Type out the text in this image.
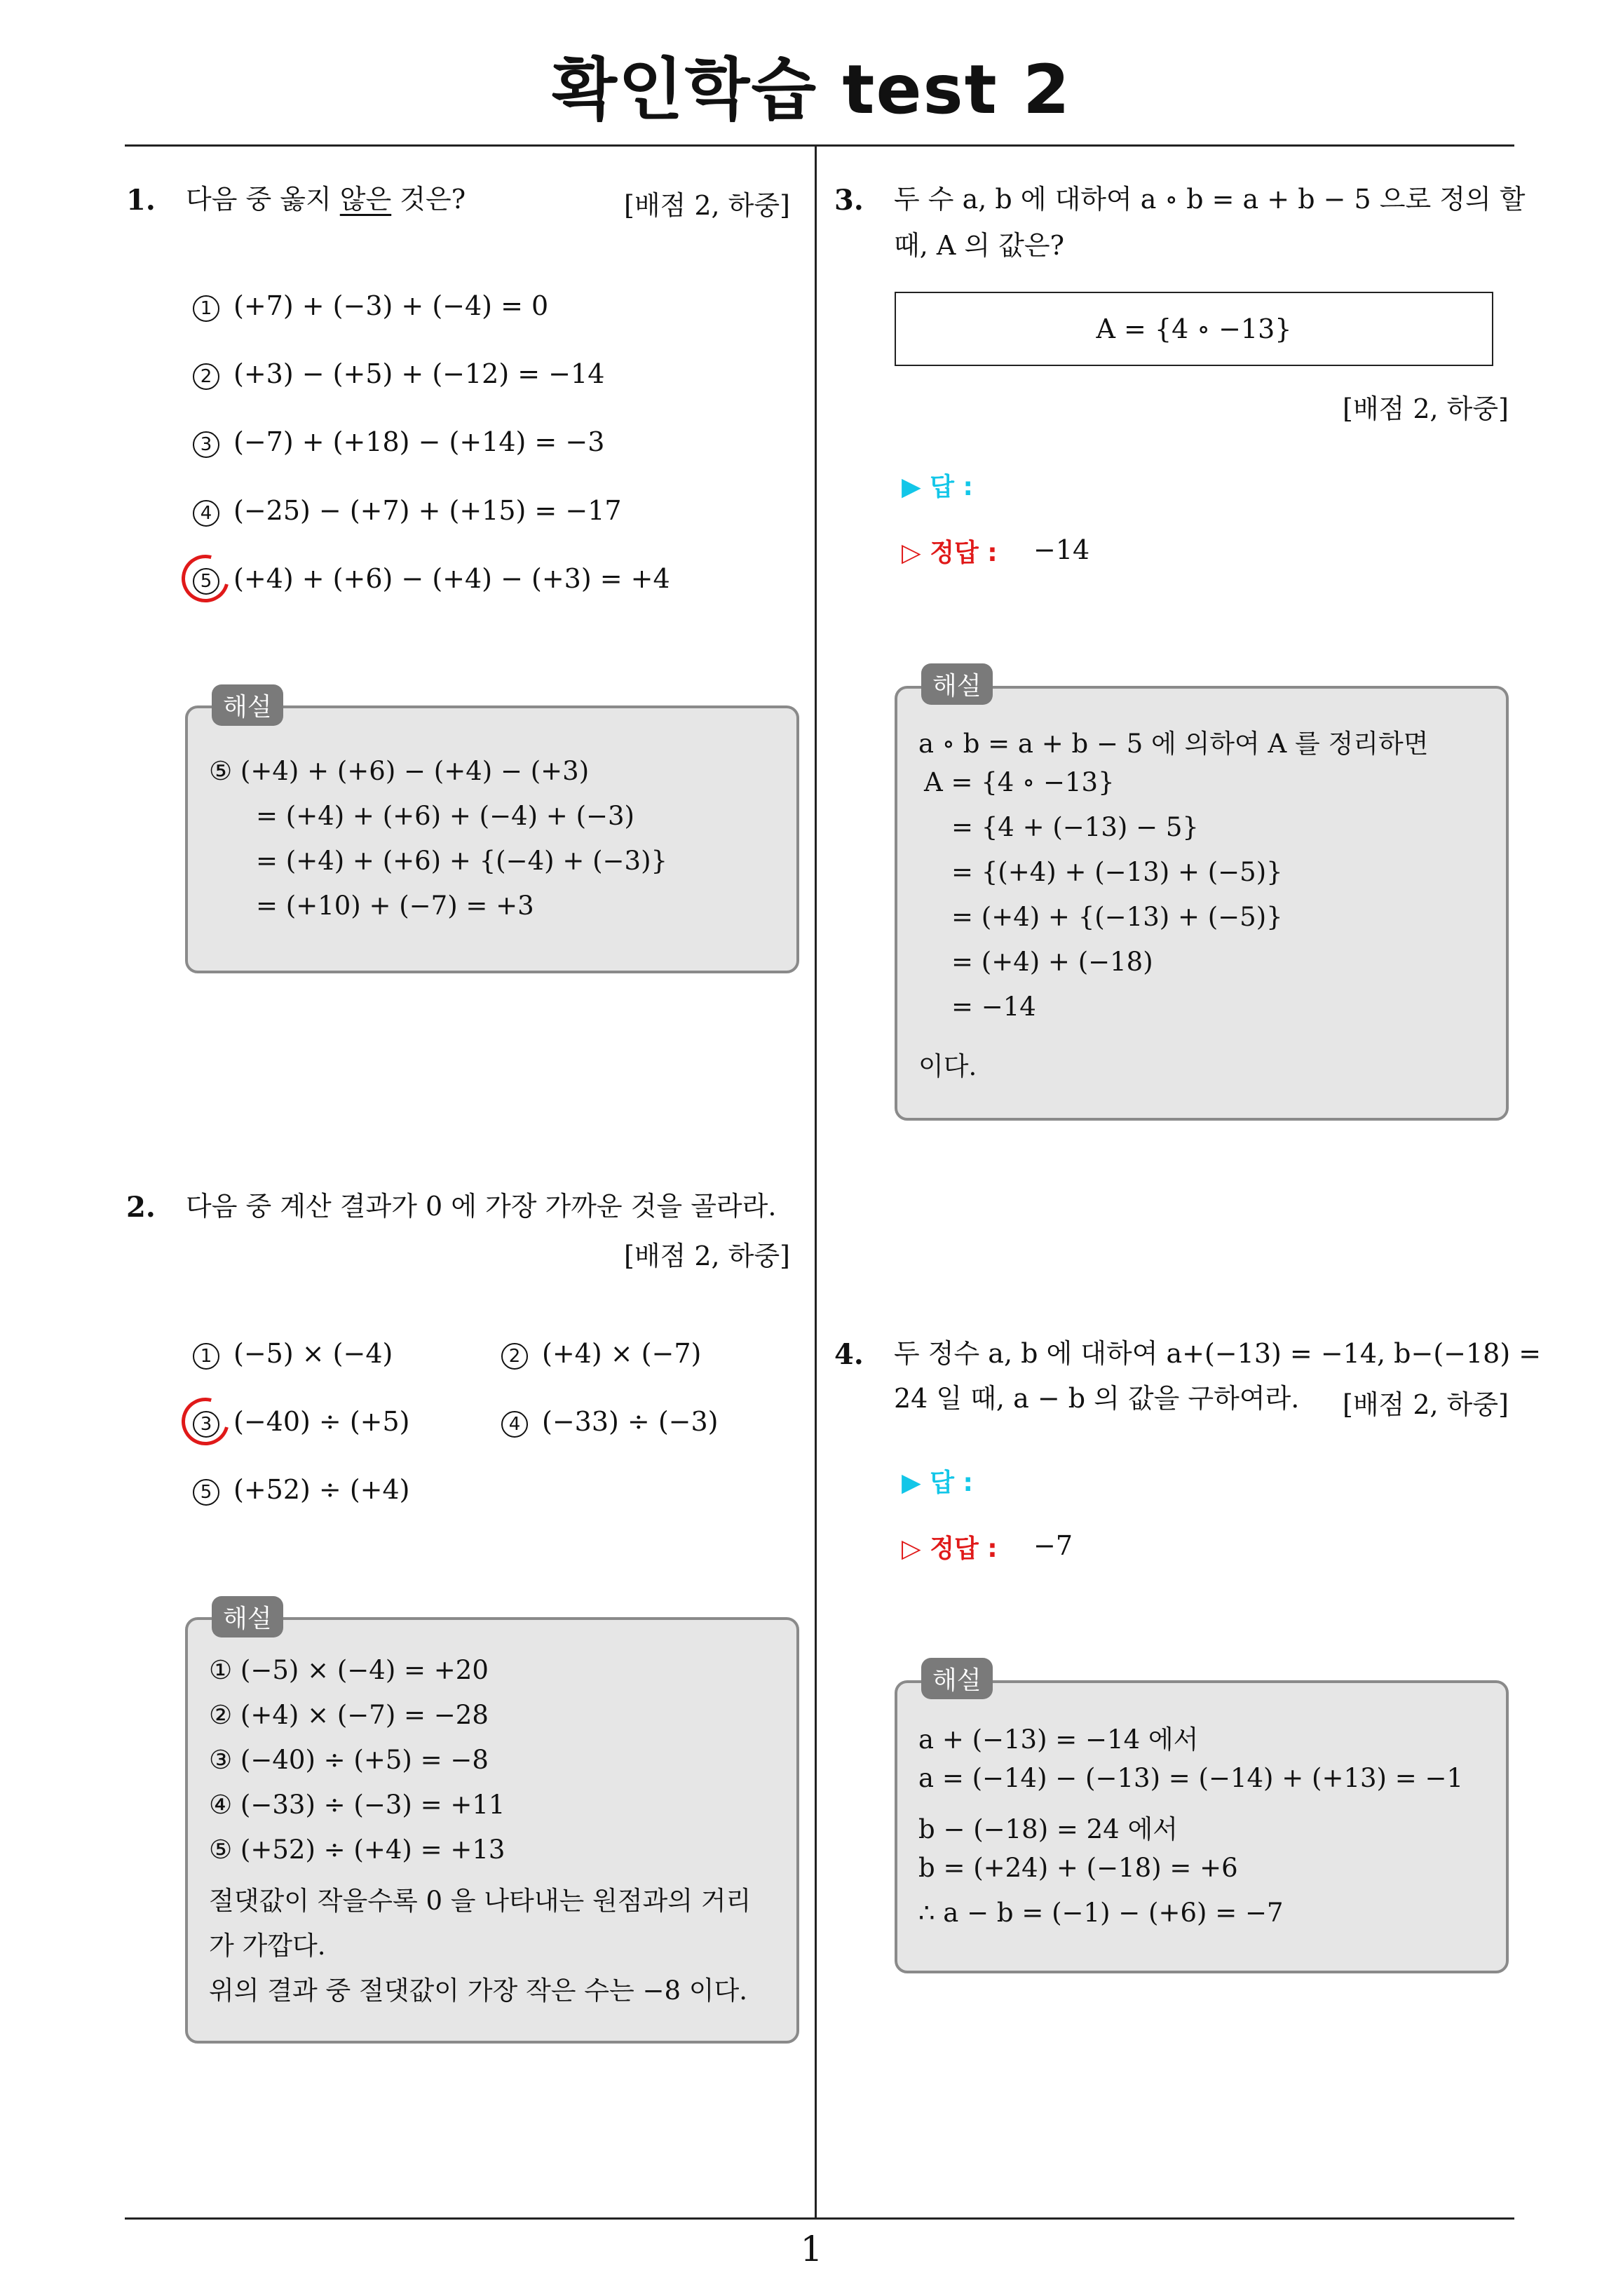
확인학습 test 2
1
1. 다음 중 옳지 않은 것은?	[배점 2, 하중]
1 (+7) + (−3) + (−4) = 0
2 (+3) − (+5) + (−12) = −14
3 (−7) + (+18) − (+14) = −3
4 (−25) − (+7) + (+15) = −17
5 (+4) + (+6) − (+4) − (+3) = +4
해설
⑤ (+4) + (+6) − (+4) − (+3)
= (+4) + (+6) + (−4) + (−3)
= (+4) + (+6) + {(−4) + (−3)}
= (+10) + (−7) = +3
2. 다음 중 계산 결과가 0 에 가장 가까운 것을 골라라.
[배점 2, 하중]
1 (−5) × (−4)	2 (+4) × (−7)
3 (−40) ÷ (+5)	4 (−33) ÷ (−3)
5 (+52) ÷ (+4)
해설
① (−5) × (−4) = +20
② (+4) × (−7) = −28
③ (−40) ÷ (+5) = −8
④ (−33) ÷ (−3) = +11
⑤ (+52) ÷ (+4) = +13
절댓값이 작을수록 0 을 나타내는 원점과의 거리
가 가깝다.
위의 결과 중 절댓값이 가장 작은 수는 −8 이다.
3. 두 수 a, b 에 대하여 a ∘ b = a + b − 5 으로 정의 할
때, A 의 값은?
A = {4 ∘ −13}
[배점 2, 하중]
▶ 답 :
▷ 정답 : −14
해설
a ∘ b = a + b − 5 에 의하여 A 를 정리하면
A = {4 ∘ −13}
= {4 + (−13) − 5}
= {(+4) + (−13) + (−5)}
= (+4) + {(−13) + (−5)}
= (+4) + (−18)
= −14
이다.
4. 두 정수 a, b 에 대하여 a+(−13) = −14, b−(−18) =
24 일 때, a − b 의 값을 구하여라. [배점 2, 하중]
▶ 답 :
▷ 정답 : −7
해설
a + (−13) = −14 에서
a = (−14) − (−13) = (−14) + (+13) = −1
b − (−18) = 24 에서
b = (+24) + (−18) = +6
∴ a − b = (−1) − (+6) = −7
